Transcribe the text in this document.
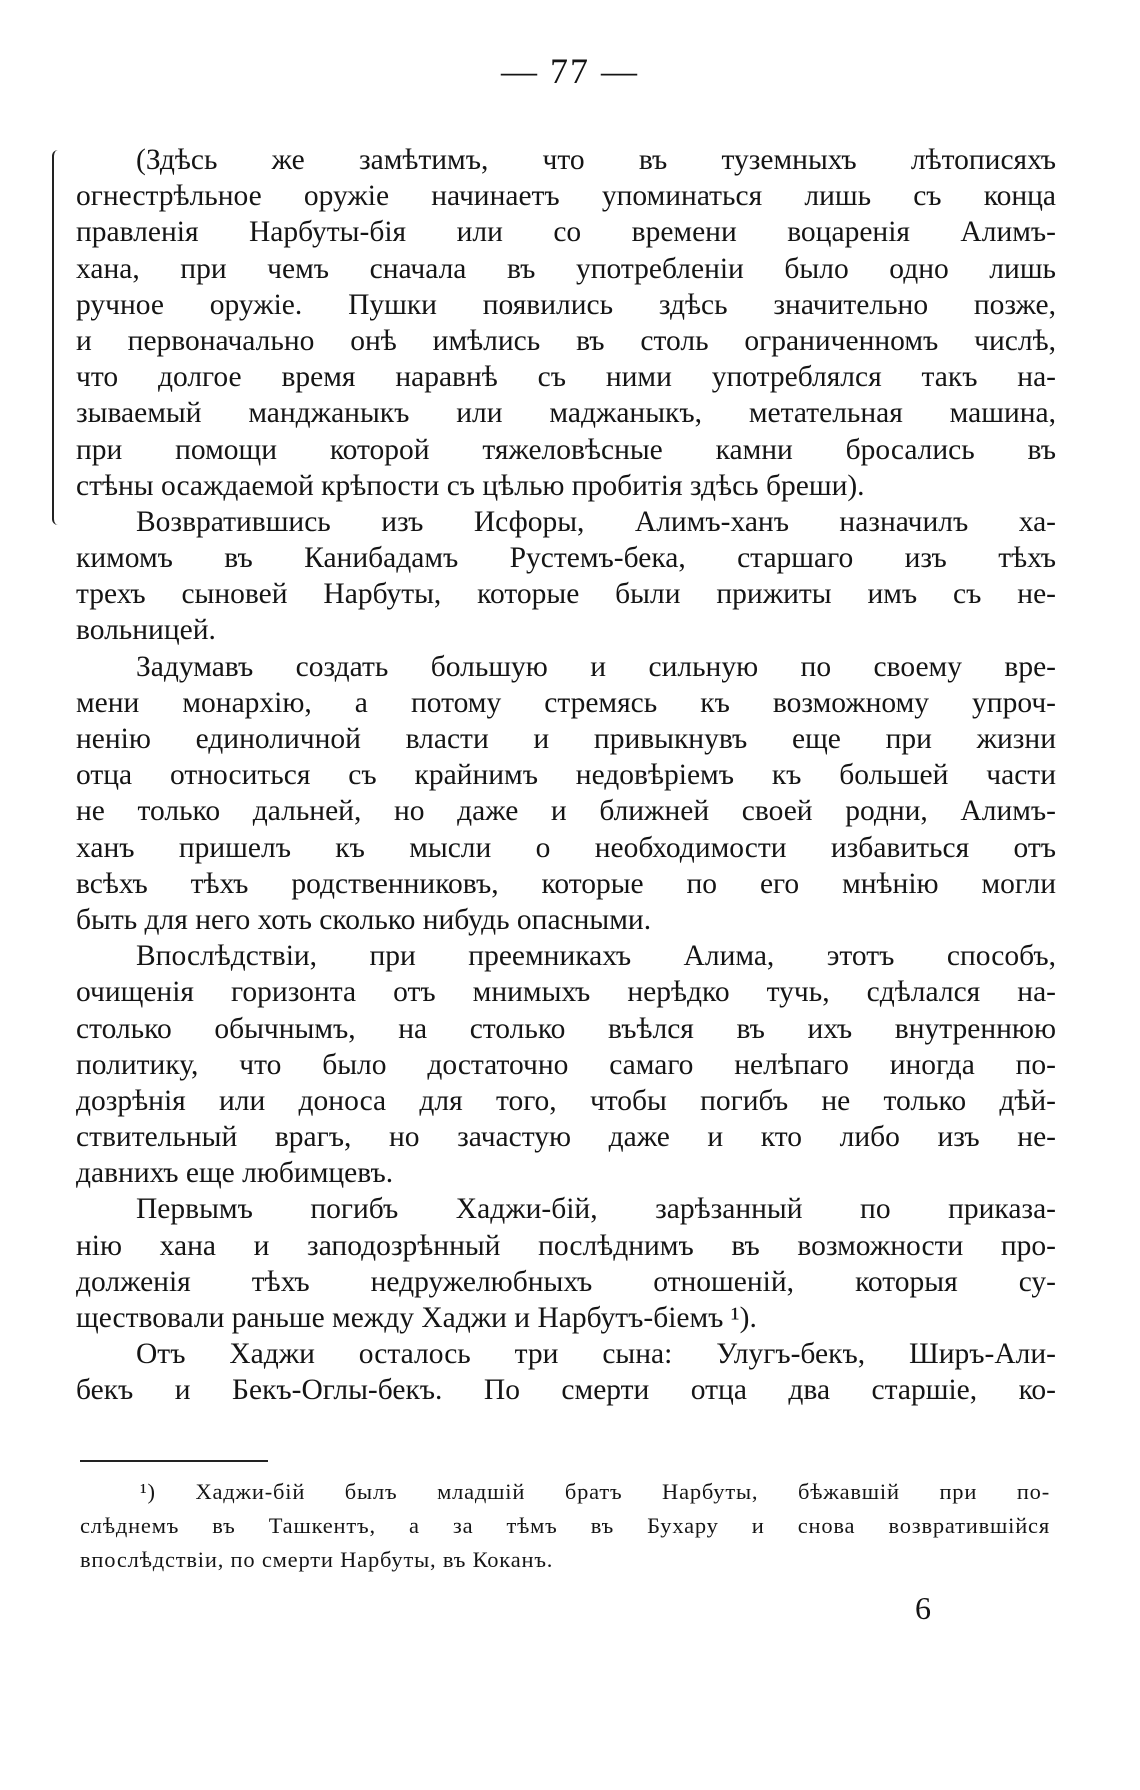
— 77 —
(Здѣсь же замѣтимъ, что въ туземныхъ лѣтописяхъ
огнестрѣльное оружіе начинаетъ упоминаться лишь съ конца
правленія Нарбуты-бія или со времени воцаренія Алимъ-
хана, при чемъ сначала въ употребленіи было одно лишь
ручное оружіе. Пушки появились здѣсь значительно позже,
и первоначально онѣ имѣлись въ столь ограниченномъ числѣ,
что долгое время наравнѣ съ ними употреблялся такъ на-
зываемый манджаныкъ или маджаныкъ, метательная машина,
при помощи которой тяжеловѣсные камни бросались въ
стѣны осаждаемой крѣпости съ цѣлью пробитія здѣсь бреши).
Возвратившись изъ Исфоры, Алимъ-ханъ назначилъ ха-
кимомъ въ Канибадамъ Рустемъ-бека, старшаго изъ тѣхъ
трехъ сыновей Нарбуты, которые были прижиты имъ съ не-
вольницей.
Задумавъ создать большую и сильную по своему вре-
мени монархію, а потому стремясь къ возможному упроч-
ненію единоличной власти и привыкнувъ еще при жизни
отца относиться съ крайнимъ недовѣріемъ къ большей части
не только дальней, но даже и ближней своей родни, Алимъ-
ханъ пришелъ къ мысли о необходимости избавиться отъ
всѣхъ тѣхъ родственниковъ, которые по его мнѣнію могли
быть для него хоть сколько нибудь опасными.
Впослѣдствіи, при преемникахъ Алима, этотъ способъ,
очищенія горизонта отъ мнимыхъ нерѣдко тучь, сдѣлался на-
столько обычнымъ, на столько въѣлся въ ихъ внутреннюю
политику, что было достаточно самаго нелѣпаго иногда по-
дозрѣнія или доноса для того, чтобы погибъ не только дѣй-
ствительный врагъ, но зачастую даже и кто либо изъ не-
давнихъ еще любимцевъ.
Первымъ погибъ Хаджи-бій, зарѣзанный по приказа-
нію хана и заподозрѣнный послѣднимъ въ возможности про-
долженія тѣхъ недружелюбныхъ отношеній, которыя су-
ществовали раньше между Хаджи и Нарбутъ-біемъ ¹).
Отъ Хаджи осталось три сына: Улугъ-бекъ, Ширъ-Али-
бекъ и Бекъ-Оглы-бекъ. По смерти отца два старшіе, ко-
¹) Хаджи-бій былъ младшій братъ Нарбуты, бѣжавшій при по-
слѣднемъ въ Ташкентъ, а за тѣмъ въ Бухару и снова возвратившійся
впослѣдствіи, по смерти Нарбуты, въ Коканъ.
6
